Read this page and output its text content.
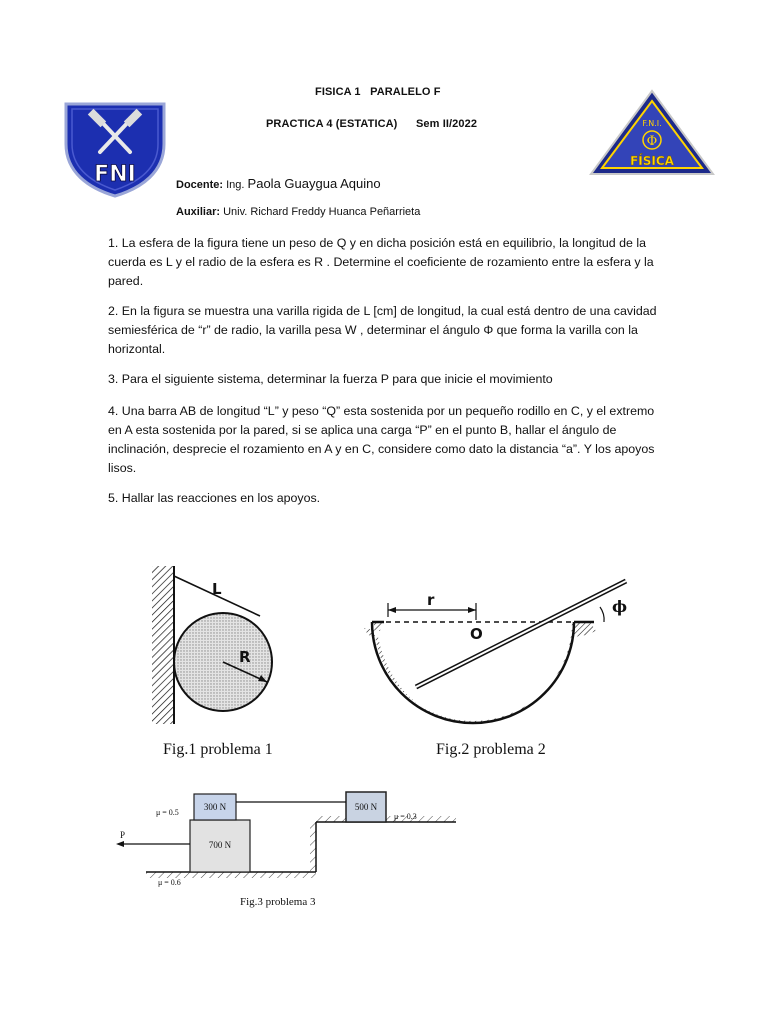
FISICA 1   PARALELO F
PRACTICA 4 (ESTATICA) Sem II/2022
FNI
F.N.I.
Φ
FÍSICA
Docente: Ing. Paola Guaygua Aquino
Auxiliar: Univ. Richard Freddy Huanca Peñarrieta
1. La esfera de la figura tiene un peso de Q y en dicha posición está en equilibrio, la longitud de la cuerda es L y el radio de la esfera es R . Determine el coeficiente de rozamiento entre la esfera y la pared.
2. En la figura se muestra una varilla rigida de L [cm] de longitud, la cual está dentro de una cavidad semiesférica de “r” de radio, la varilla pesa W , determinar el ángulo Φ que forma la varilla con la horizontal.
3. Para el siguiente sistema, determinar la fuerza P para que inicie el movimiento
4. Una barra AB de longitud “L” y peso “Q” esta sostenida por un pequeño rodillo en C, y el extremo en A esta sostenida por la pared, si se aplica una carga “P” en el punto B, hallar el ángulo de inclinación, desprecie el rozamiento en A y en C, considere como dato la distancia “a”. Y los apoyos lisos.
5. Hallar las reacciones en los apoyos.
L
R
Fig.1 problema 1
r
O
ϕ
Fig.2 problema 2
700 N
300 N	500 N
P
μ = 0.5
μ = 0.6
μ = 0.3
Fig.3 problema 3
